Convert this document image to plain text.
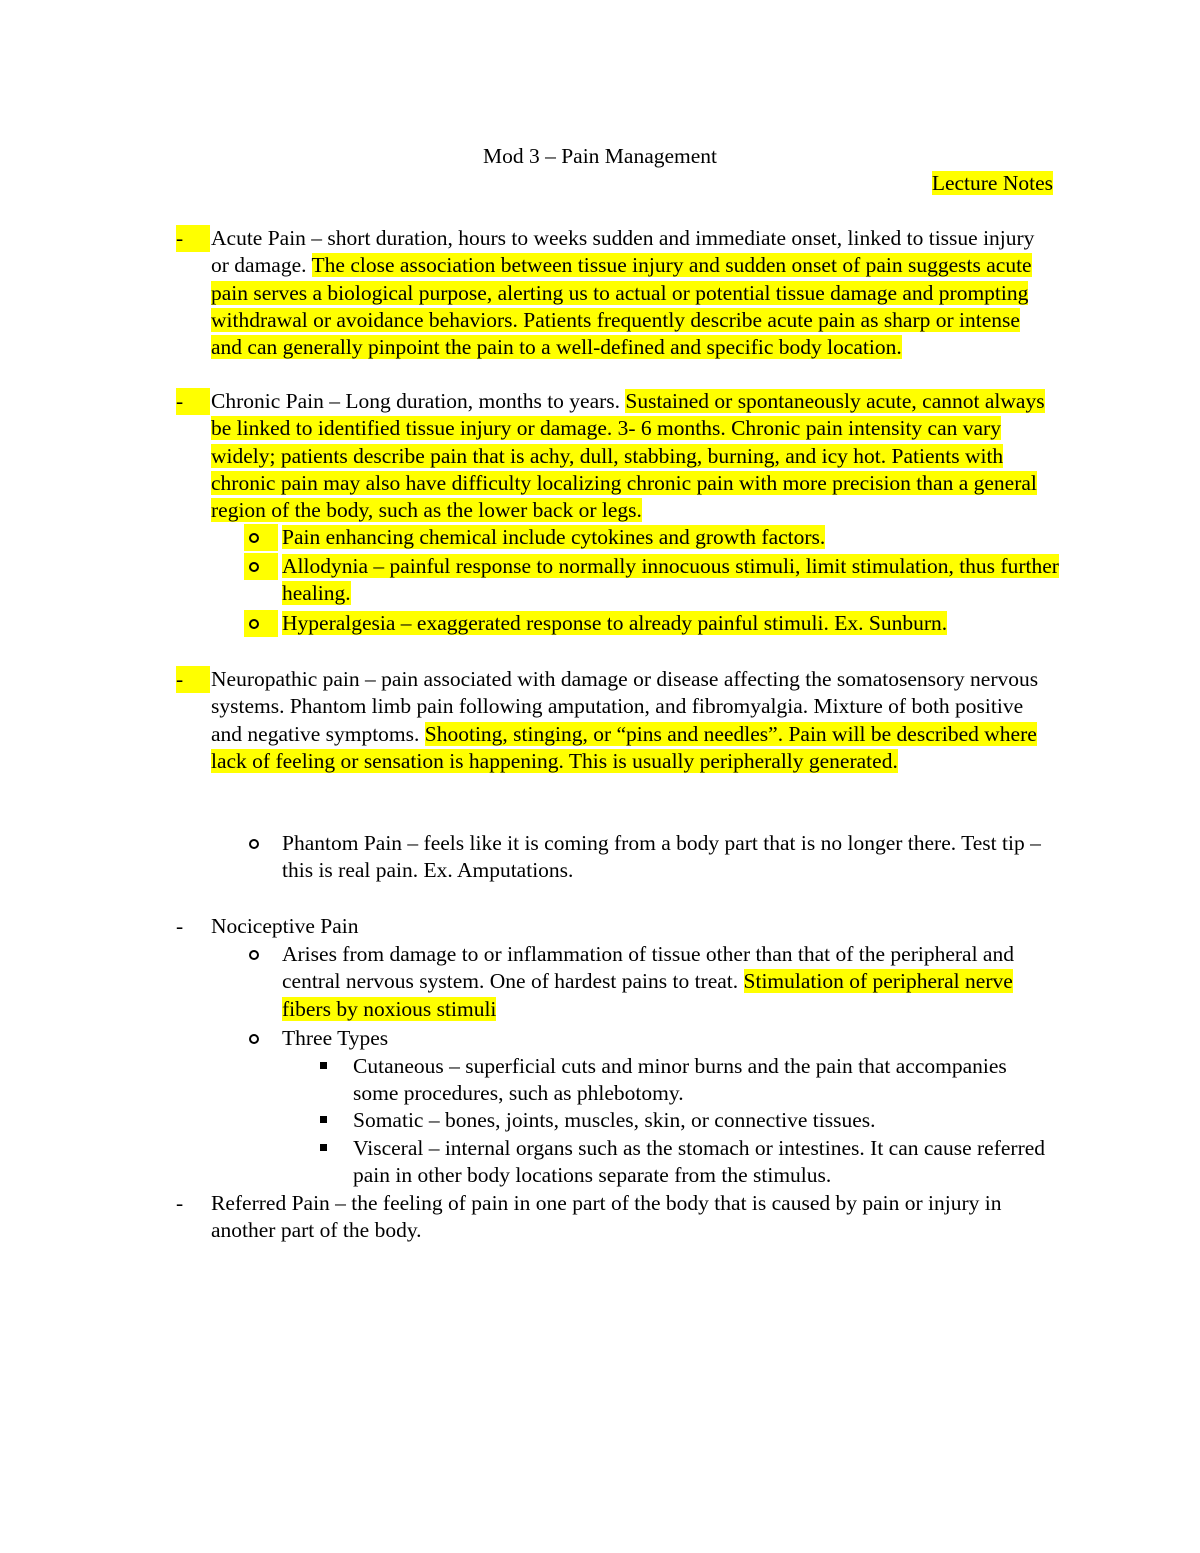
Mod 3 – Pain Management
Lecture Notes
-	Acute Pain – short duration, hours to weeks sudden and immediate onset, linked to tissue injury or damage. The close association between tissue injury and sudden onset of pain suggests acute pain serves a biological purpose, alerting us to actual or potential tissue damage and prompting withdrawal or avoidance behaviors. Patients frequently describe acute pain as sharp or intense and can generally pinpoint the pain to a well-defined and specific body location.
-	Chronic Pain – Long duration, months to years. Sustained or spontaneously acute, cannot always be linked to identified tissue injury or damage. 3- 6 months. Chronic pain intensity can vary widely; patients describe pain that is achy, dull, stabbing, burning, and icy hot. Patients with chronic pain may also have difficulty localizing chronic pain with more precision than a general region of the body, such as the lower back or legs.
Pain enhancing chemical include cytokines and growth factors.
Allodynia – painful response to normally innocuous stimuli, limit stimulation, thus further healing.
Hyperalgesia – exaggerated response to already painful stimuli. Ex. Sunburn.
-	Neuropathic pain – pain associated with damage or disease affecting the somatosensory nervous systems. Phantom limb pain following amputation, and fibromyalgia. Mixture of both positive and negative symptoms. Shooting, stinging, or “pins and needles”. Pain will be described where lack of feeling or sensation is happening. This is usually peripherally generated.
Phantom Pain – feels like it is coming from a body part that is no longer there. Test tip – this is real pain. Ex. Amputations.
-	Nociceptive Pain
Arises from damage to or inflammation of tissue other than that of the peripheral and central nervous system. One of hardest pains to treat. Stimulation of peripheral nerve fibers by noxious stimuli
Three Types
Cutaneous – superficial cuts and minor burns and the pain that accompanies some procedures, such as phlebotomy.
Somatic – bones, joints, muscles, skin, or connective tissues.
Visceral – internal organs such as the stomach or intestines. It can cause referred pain in other body locations separate from the stimulus.
-	Referred Pain – the feeling of pain in one part of the body that is caused by pain or injury in another part of the body.
